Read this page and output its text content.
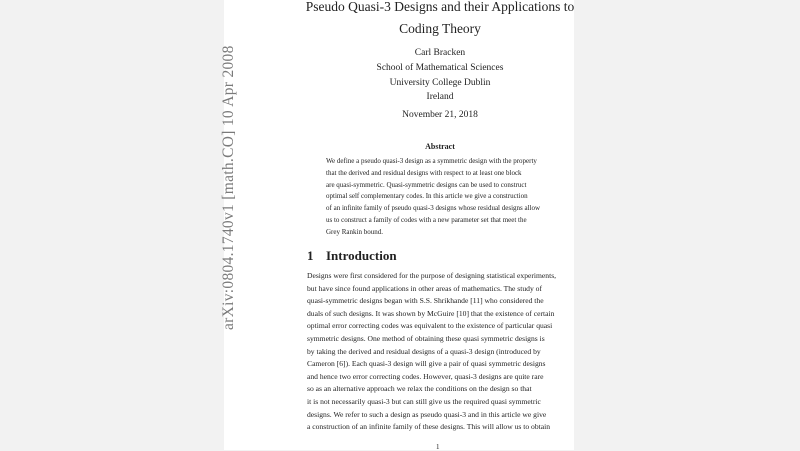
arXiv:0804.1740v1 [math.CO] 10 Apr 2008
Pseudo Quasi-3 Designs and their Applications to
Coding Theory
Carl Bracken
School of Mathematical Sciences
University College Dublin
Ireland
November 21, 2018
Abstract
We define a pseudo quasi-3 design as a symmetric design with the property
that the derived and residual designs with respect to at least one block
are quasi-symmetric. Quasi-symmetric designs can be used to construct
optimal self complementary codes. In this article we give a construction
of an infinite family of pseudo quasi-3 designs whose residual designs allow
us to construct a family of codes with a new parameter set that meet the
Grey Rankin bound.
1 Introduction
Designs were first considered for the purpose of designing statistical experiments,
but have since found applications in other areas of mathematics. The study of
quasi-symmetric designs began with S.S. Shrikhande [11] who considered the
duals of such designs. It was shown by McGuire [10] that the existence of certain
optimal error correcting codes was equivalent to the existence of particular quasi
symmetric designs. One method of obtaining these quasi symmetric designs is
by taking the derived and residual designs of a quasi-3 design (introduced by
Cameron [6]). Each quasi-3 design will give a pair of quasi symmetric designs
and hence two error correcting codes. However, quasi-3 designs are quite rare
so as an alternative approach we relax the conditions on the design so that
it is not necessarily quasi-3 but can still give us the required quasi symmetric
designs. We refer to such a design as pseudo quasi-3 and in this article we give
a construction of an infinite family of these designs. This will allow us to obtain
1
